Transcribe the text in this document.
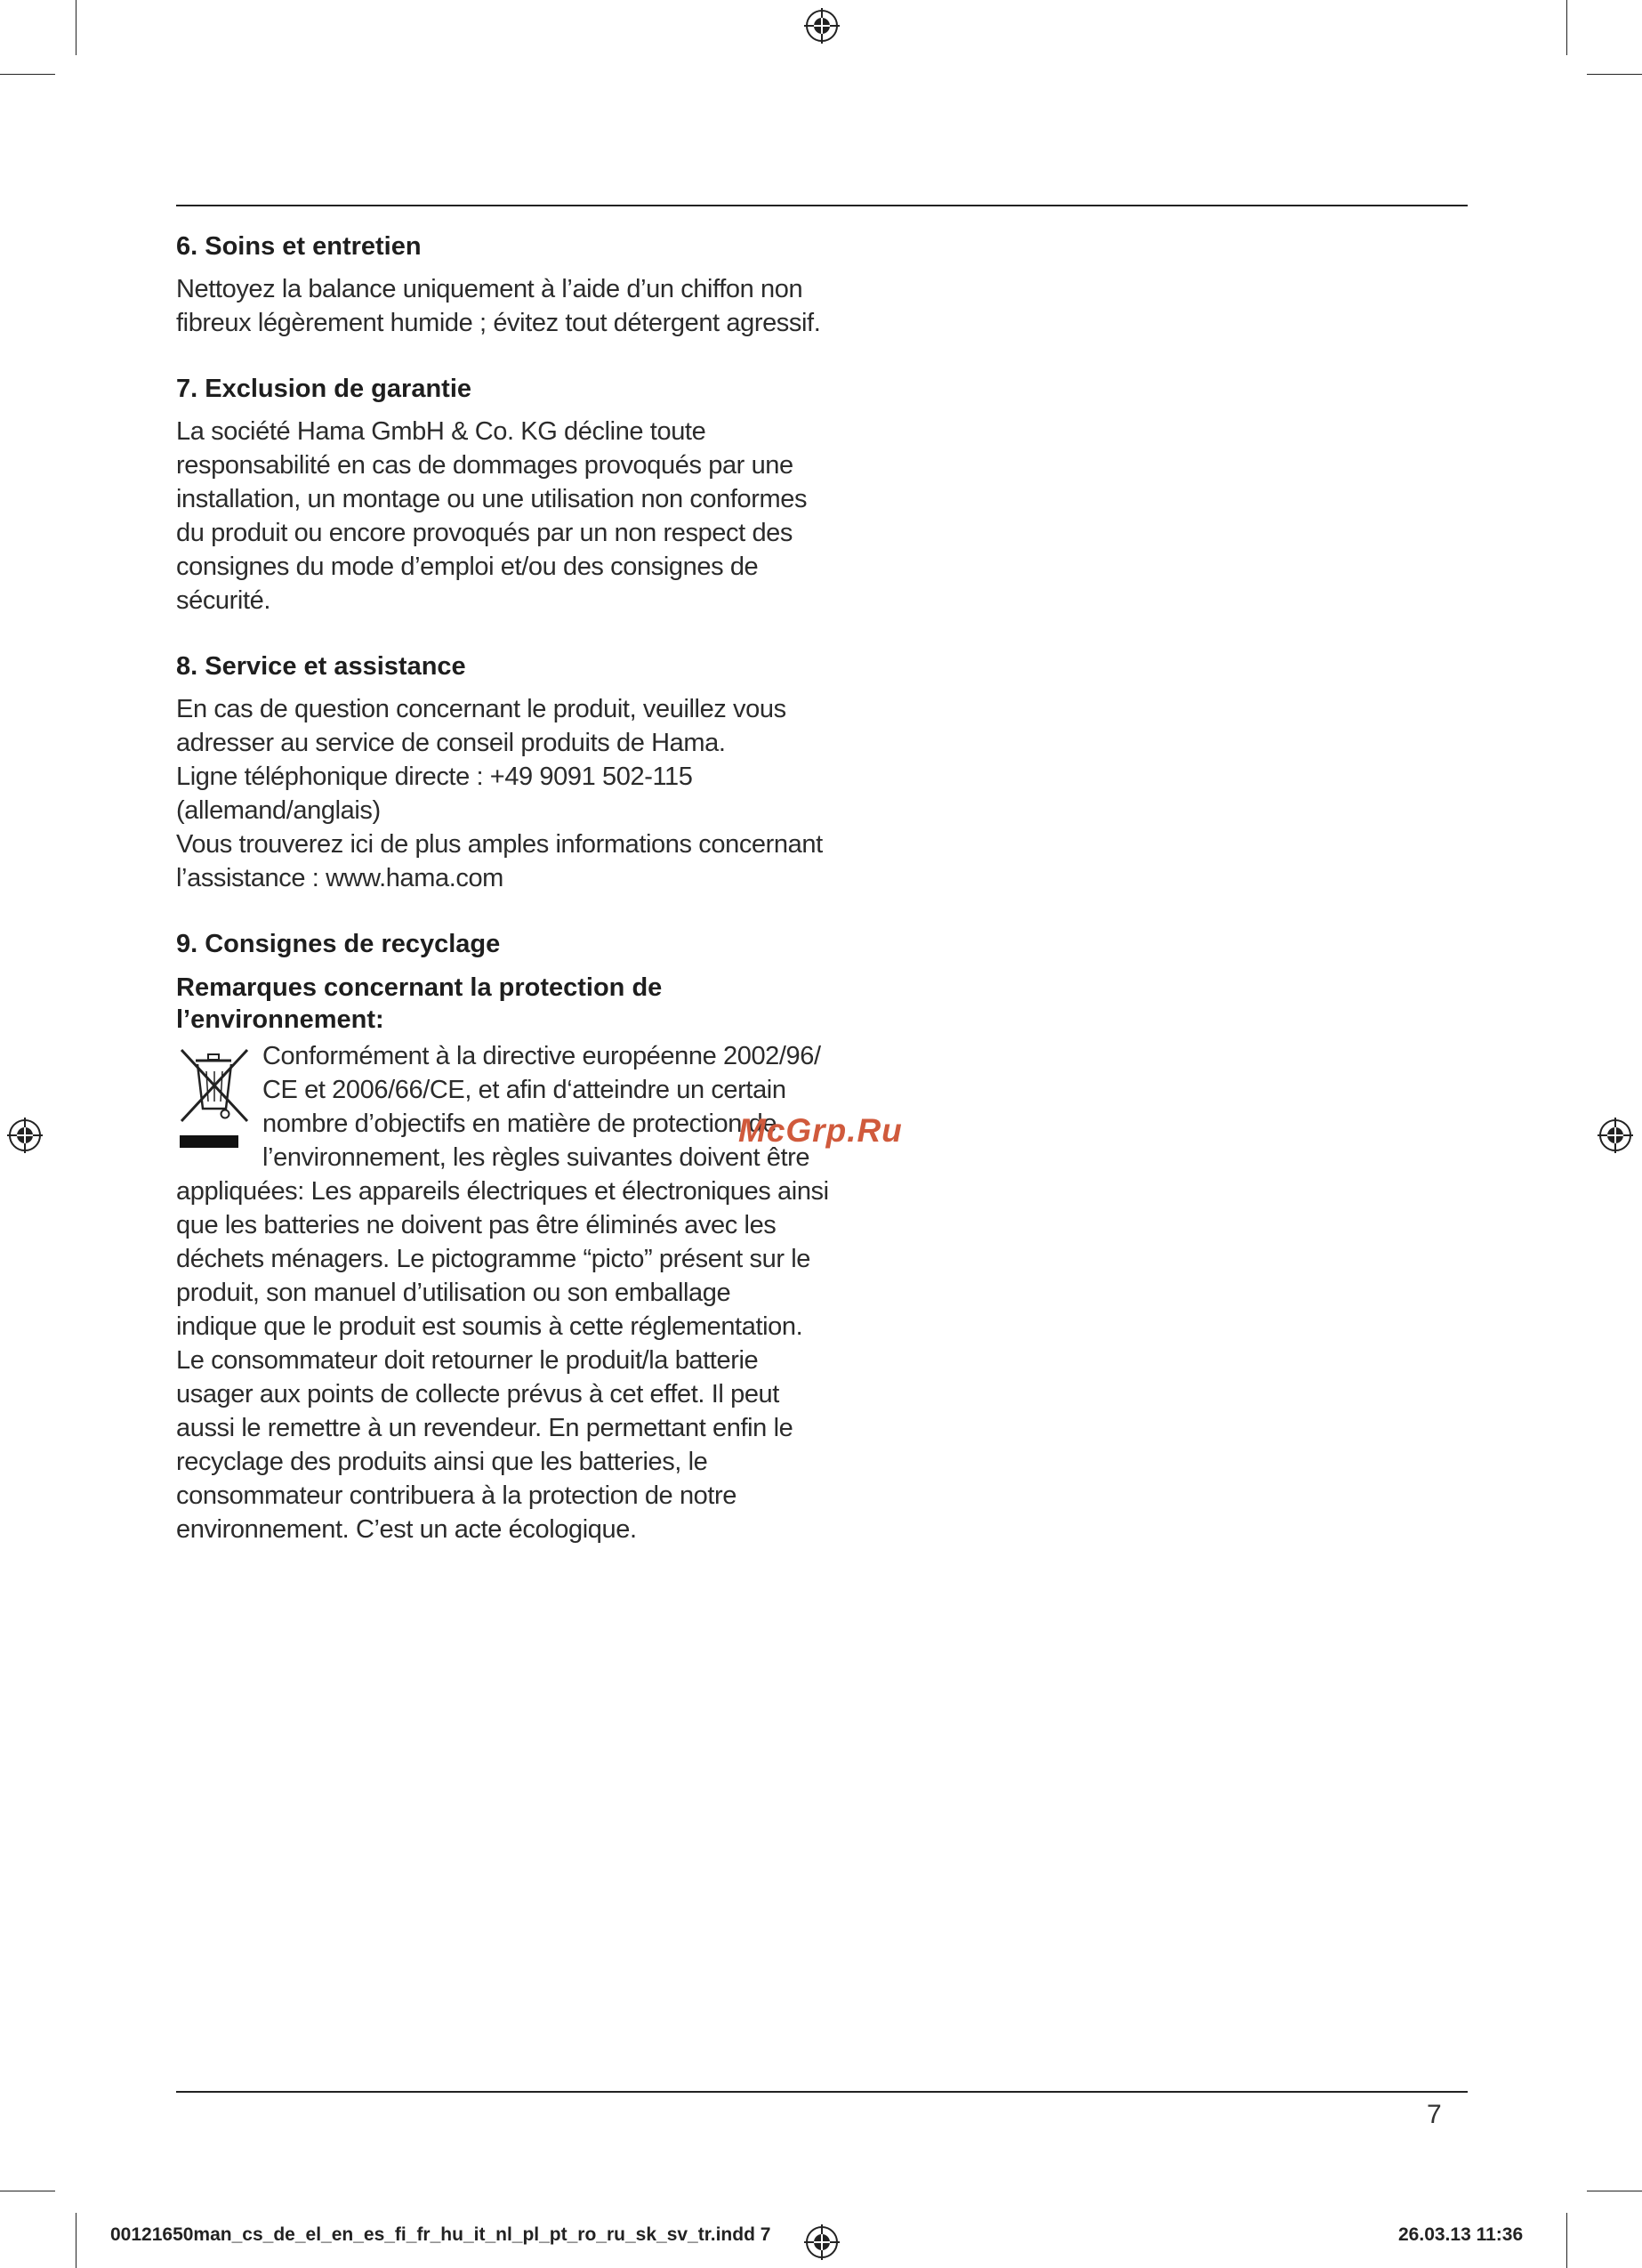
6. Soins et entretien

Nettoyez la balance uniquement à l’aide d’un chiffon non
fibreux légèrement humide ; évitez tout détergent agressif.

7. Exclusion de garantie

La société Hama GmbH & Co. KG décline toute
responsabilité en cas de dommages provoqués par une
installation, un montage ou une utilisation non conformes
du produit ou encore provoqués par un non respect des
consignes du mode d’emploi et/ou des consignes de
sécurité.

8. Service et assistance

En cas de question concernant le produit, veuillez vous
adresser au service de conseil produits de Hama.
Ligne téléphonique directe : +49 9091 502-115
(allemand/anglais)
Vous trouverez ici de plus amples informations concernant
l’assistance : www.hama.com

9. Consignes de recyclage
Remarques concernant la protection de
l’environnement:

Conformément à la directive européenne 2002/96/
CE et 2006/66/CE, et afin d‘atteindre un certain
nombre d’objectifs en matière de protection de
l’environnement, les règles suivantes doivent être
appliquées: Les appareils électriques et électroniques ainsi
que les batteries ne doivent pas être éliminés avec les
déchets ménagers. Le pictogramme “picto” présent sur le
produit, son manuel d’utilisation ou son emballage
indique que le produit est soumis à cette réglementation.
Le consommateur doit retourner le produit/la batterie
usager aux points de collecte prévus à cet effet. Il peut
aussi le remettre à un revendeur. En permettant enfin le
recyclage des produits ainsi que les batteries, le
consommateur contribuera à la protection de notre
environnement. C’est un acte écologique.

McGrp.Ru
7
00121650man_cs_de_el_en_es_fi_fr_hu_it_nl_pl_pt_ro_ru_sk_sv_tr.indd 7	26.03.13 11:36
